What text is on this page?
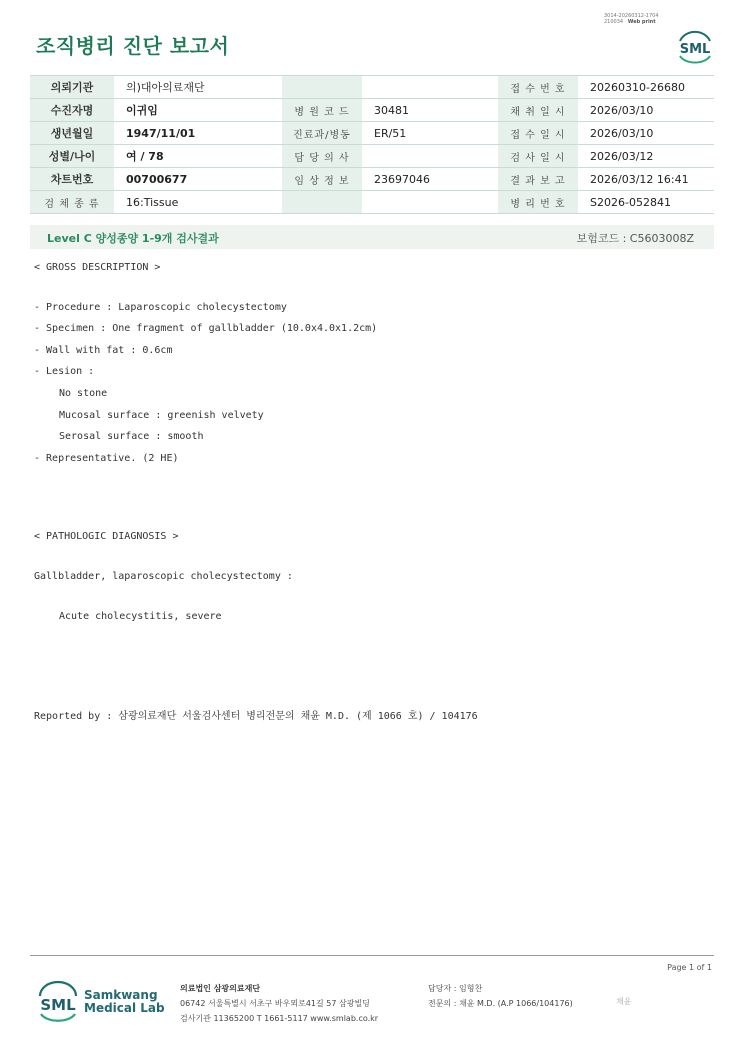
조직병리 진단 보고서
3014-20260312-1704
210034 Web print
SML
의뢰기관	의)대아의료재단			접 수 번 호	20260310-26680
수진자명	이귀임	병 원 코 드	30481	채 취 일 시	2026/03/10
생년월일	1947/11/01	진료과/병동	ER/51	접 수 일 시	2026/03/10
성별/나이	여 / 78	담 당 의 사		검 사 일 시	2026/03/12
차트번호	00700677	임 상 정 보	23697046	결 과 보 고	2026/03/12 16:41
검 체 종 류	16:Tissue			병 리 번 호	S2026-052841
Level C 양성종양 1-9개 검사결과	보험코드 : C5603008Z
< GROSS DESCRIPTION >
- Procedure : Laparoscopic cholecystectomy
- Specimen : One fragment of gallbladder (10.0x4.0x1.2cm)
- Wall with fat : 0.6cm
- Lesion :
No stone
Mucosal surface : greenish velvety
Serosal surface : smooth
- Representative. (2 HE)
< PATHOLOGIC DIAGNOSIS >
Gallbladder, laparoscopic cholecystectomy :
Acute cholecystitis, severe
Reported by : 삼광의료재단 서울검사센터 병리전문의 채윤 M.D. (제 1066 호) / 104176
Page 1 of 1
SML
Samkwang
Medical Lab
의료법인 삼광의료재단
06742 서울특별시 서초구 바우뫼로41길 57 삼광빌딩
검사기관 11365200 T 1661-5117 www.smlab.co.kr
담당자 : 임형찬
전문의 : 채윤 M.D. (A.P 1066/104176)	채윤
